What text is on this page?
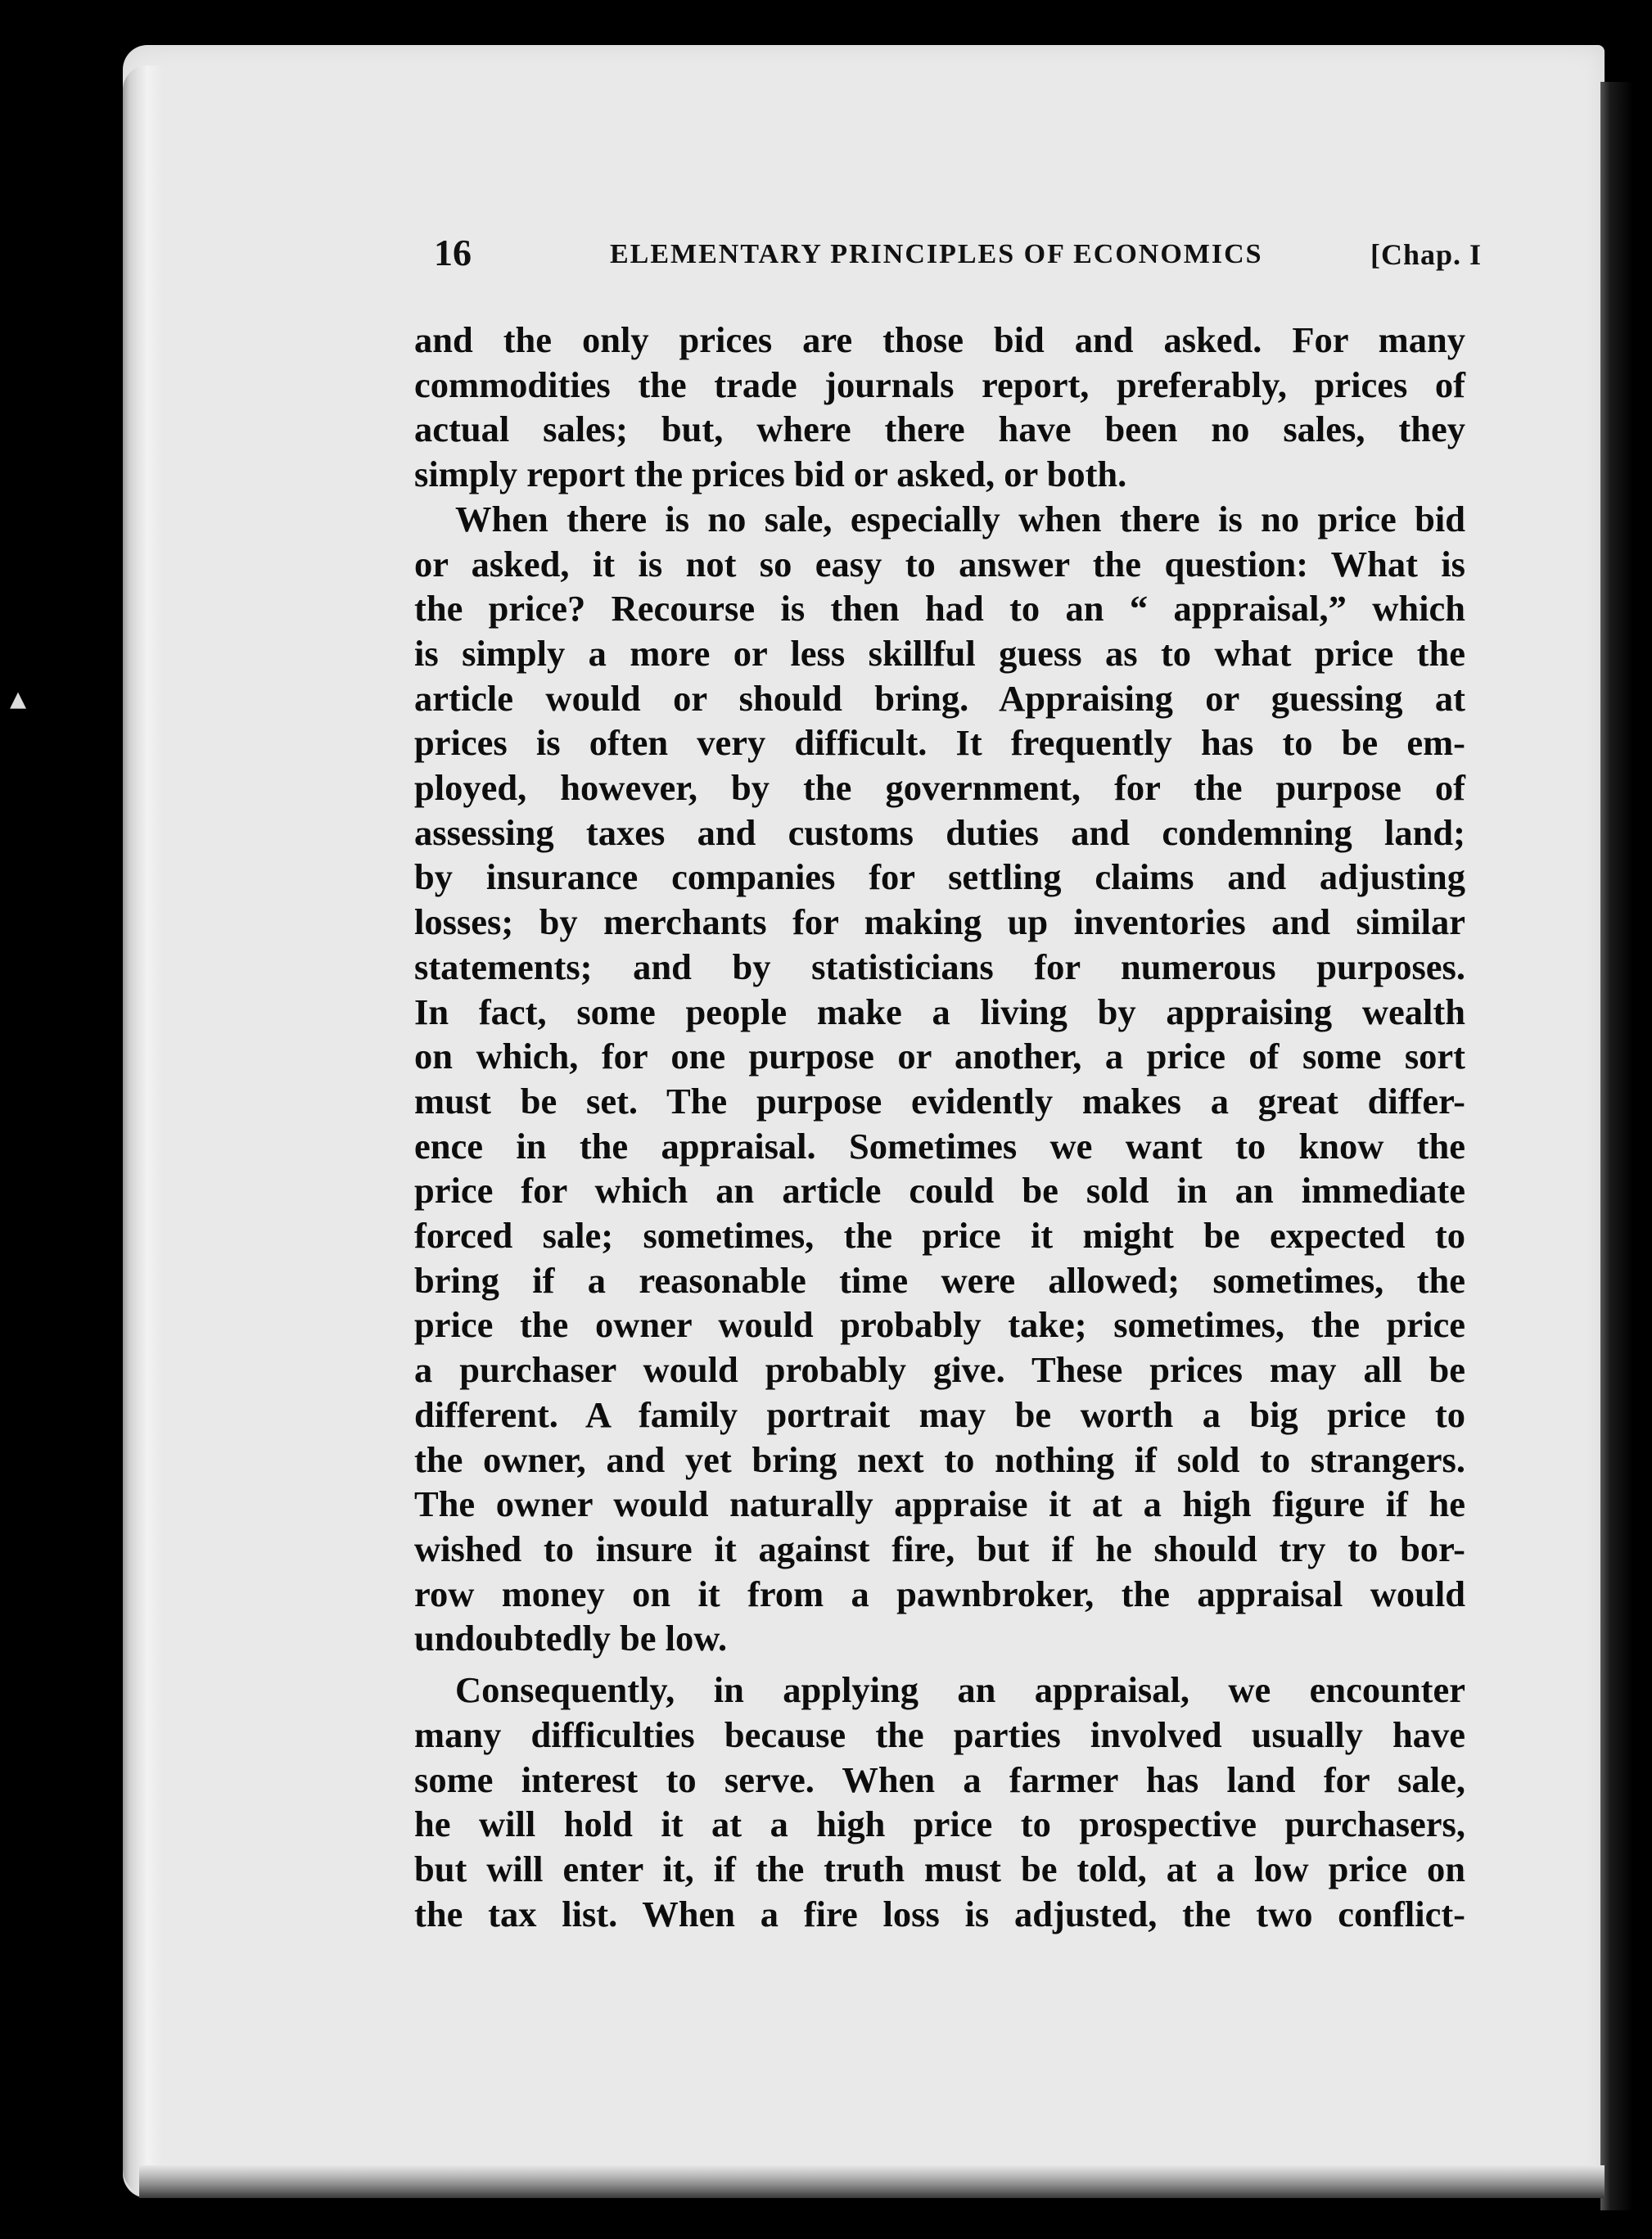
▴
16	ELEMENTARY PRINCIPLES OF ECONOMICS	[Chap. I

and the only prices are those bid and asked. For many
commodities the trade journals report, preferably, prices of
actual sales; but, where there have been no sales, they
simply report the prices bid or asked, or both.

When there is no sale, especially when there is no price bid
or asked, it is not so easy to answer the question: What is
the price? Recourse is then had to an “ appraisal,” which
is simply a more or less skillful guess as to what price the
article would or should bring. Appraising or guessing at
prices is often very difficult. It frequently has to be em-
ployed, however, by the government, for the purpose of
assessing taxes and customs duties and condemning land;
by insurance companies for settling claims and adjusting
losses; by merchants for making up inventories and similar
statements; and by statisticians for numerous purposes.
In fact, some people make a living by appraising wealth
on which, for one purpose or another, a price of some sort
must be set. The purpose evidently makes a great differ-
ence in the appraisal. Sometimes we want to know the
price for which an article could be sold in an immediate
forced sale; sometimes, the price it might be expected to
bring if a reasonable time were allowed; sometimes, the
price the owner would probably take; sometimes, the price
a purchaser would probably give. These prices may all be
different. A family portrait may be worth a big price to
the owner, and yet bring next to nothing if sold to strangers.
The owner would naturally appraise it at a high figure if he
wished to insure it against fire, but if he should try to bor-
row money on it from a pawnbroker, the appraisal would
undoubtedly be low.

Consequently, in applying an appraisal, we encounter
many difficulties because the parties involved usually have
some interest to serve. When a farmer has land for sale,
he will hold it at a high price to prospective purchasers,
but will enter it, if the truth must be told, at a low price on
the tax list. When a fire loss is adjusted, the two conflict-
